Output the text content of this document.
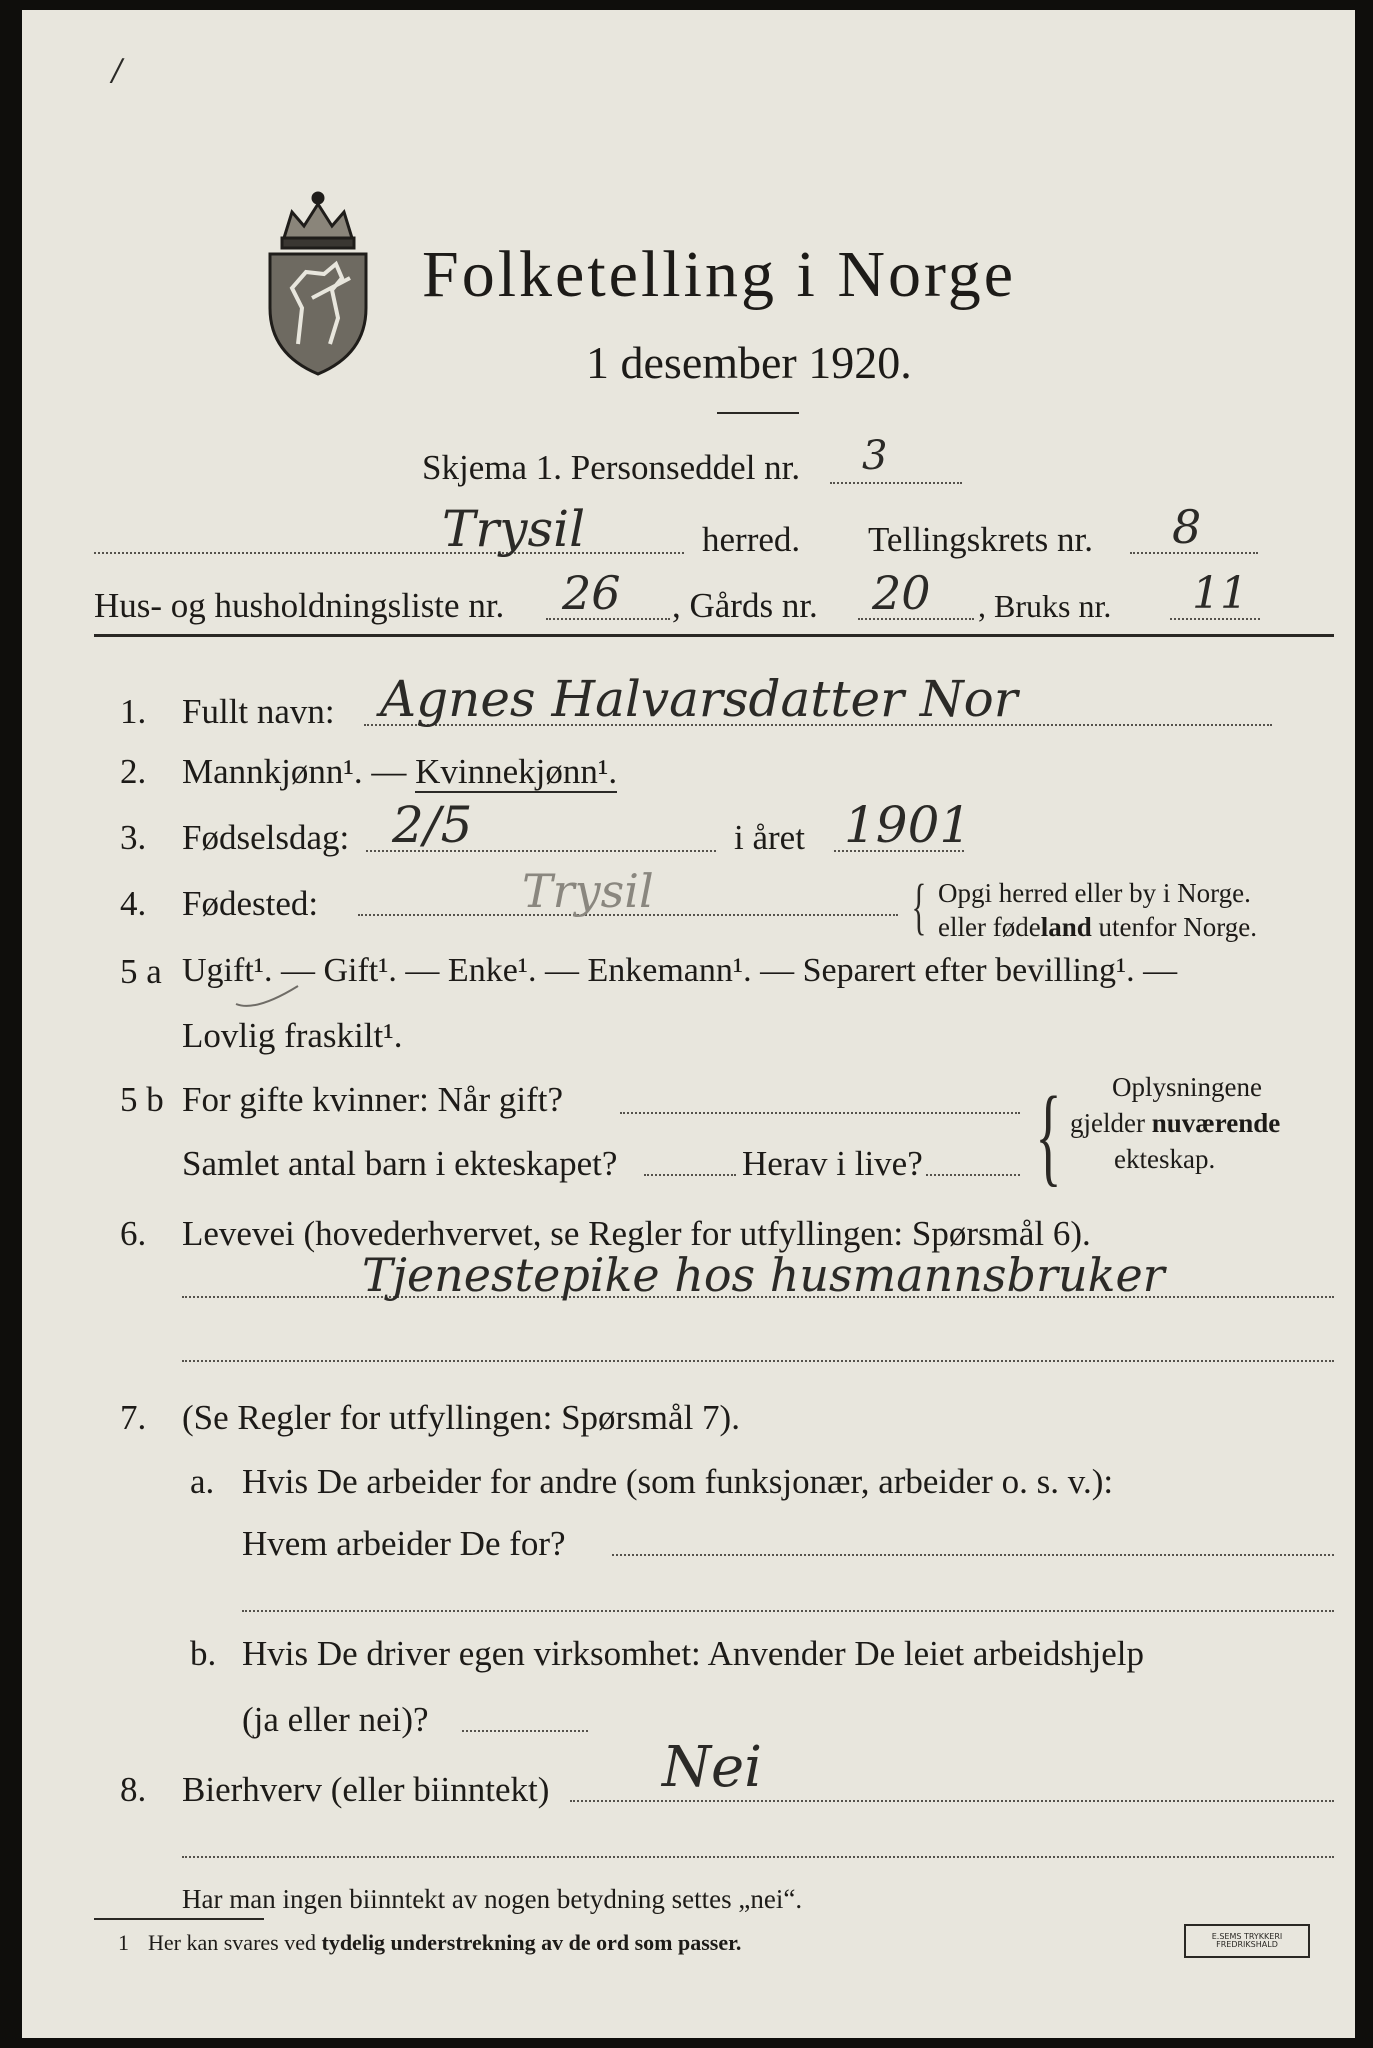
/
Folketelling i Norge
1 desember 1920.
Skjema 1. Personseddel nr. 3
Trysil	herred. Tellingskrets nr. 8
Hus- og husholdningsliste nr. 26 , Gårds nr. 20 , Bruks nr. 11
1. Fullt navn: Agnes Halvarsdatter Nor
2. Mannkjønn¹. — Kvinnekjønn¹.
3. Fødselsdag: 2/5	i året 1901
4. Fødested:	Trysil	{ Opgi herred eller by i Norge.
eller fødeland utenfor Norge.
5 a Ugift¹. — Gift¹. — Enke¹. — Enkemann¹. — Separert efter bevilling¹. —
Lovlig fraskilt¹.
5 b For gifte kvinner: Når gift?
Samlet antal barn i ekteskapet?	Herav i live? { Oplysningene
gjelder nuværende
ekteskap.
6. Levevei (hovederhvervet, se Regler for utfyllingen: Spørsmål 6).
Tjenestepike hos husmannsbruker
7. (Se Regler for utfyllingen: Spørsmål 7).
a. Hvis De arbeider for andre (som funksjonær, arbeider o. s. v.):
Hvem arbeider De for?
b. Hvis De driver egen virksomhet: Anvender De leiet arbeidshjelp
(ja eller nei)?
8. Bierhverv (eller biinntekt) Nei
Har man ingen biinntekt av nogen betydning settes „nei“.
1 Her kan svares ved tydelig understrekning av de ord som passer.	E.SEMS TRYKKERI FREDRIKSHALD
